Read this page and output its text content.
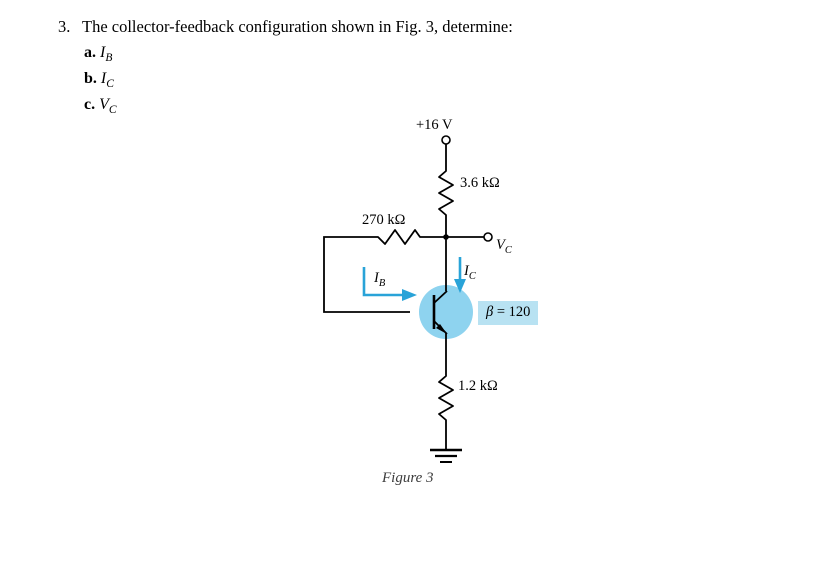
3. The collector-feedback configuration shown in Fig. 3, determine:
a. $I_B$
b. $I_C$
c. $V_C$
+16 V
3.6 kΩ
270 kΩ
1.2 kΩ
$V_C$
$I_B$
$I_C$
β = 120
Figure 3
